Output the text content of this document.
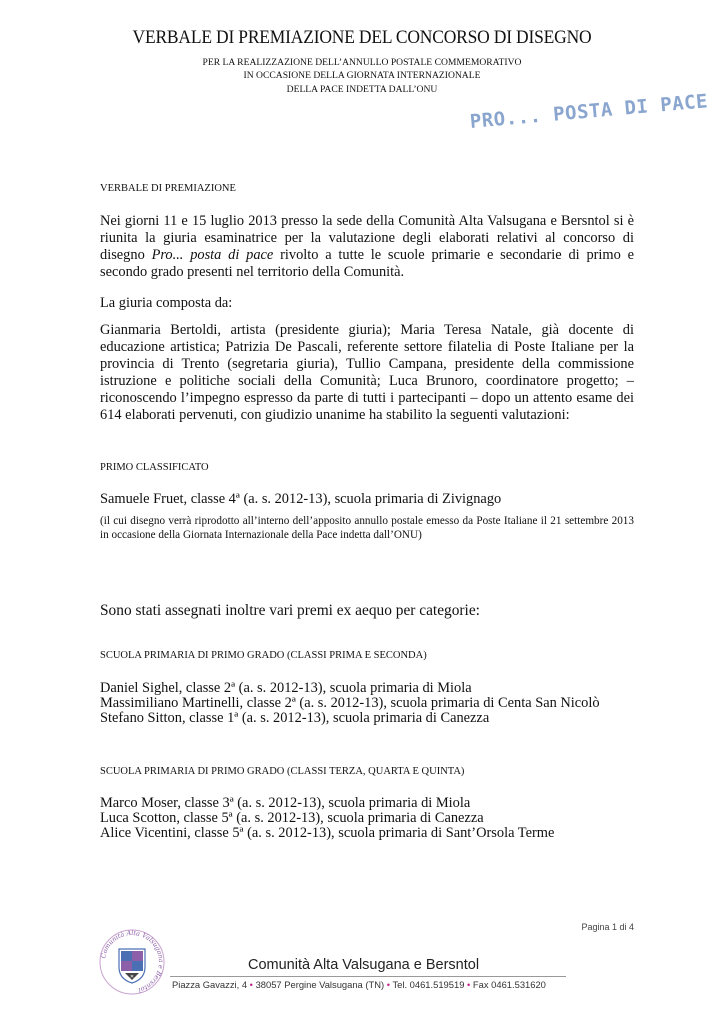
VERBALE DI PREMIAZIONE DEL CONCORSO DI DISEGNO
PER LA REALIZZAZIONE DELL’ANNULLO POSTALE COMMEMORATIVO
IN OCCASIONE DELLA GIORNATA INTERNAZIONALE
DELLA PACE INDETTA DALL’ONU
PRO... POSTA DI PACE
VERBALE DI PREMIAZIONE
Nei giorni 11 e 15 luglio 2013 presso la sede della Comunità Alta Valsugana e Bersntol si è riunita la giuria esaminatrice per la valutazione degli elaborati relativi al concorso di disegno Pro... posta di pace rivolto a tutte le scuole primarie e secondarie di primo e secondo grado presenti nel territorio della Comunità.
La giuria composta da:
Gianmaria Bertoldi, artista (presidente giuria); Maria Teresa Natale, già docente di educazione artistica; Patrizia De Pascali, referente settore filatelia di Poste Italiane per la provincia di Trento (segretaria giuria), Tullio Campana, presidente della commissione istruzione e politiche sociali della Comunità; Luca Brunoro, coordinatore progetto; – riconoscendo l’impegno espresso da parte di tutti i partecipanti – dopo un attento esame dei 614 elaborati pervenuti, con giudizio unanime ha stabilito la seguenti valutazioni:
PRIMO CLASSIFICATO
Samuele Fruet, classe 4ª (a. s. 2012-13), scuola primaria di Zivignago
(il cui disegno verrà riprodotto all’interno dell’apposito annullo postale emesso da Poste Italiane il 21 settembre 2013 in occasione della Giornata Internazionale della Pace indetta dall’ONU)
Sono stati assegnati inoltre vari premi ex aequo per categorie:
SCUOLA PRIMARIA DI PRIMO GRADO (CLASSI PRIMA E SECONDA)
Daniel Sighel, classe 2ª (a. s. 2012-13), scuola primaria di Miola
Massimiliano Martinelli, classe 2ª (a. s. 2012-13), scuola primaria di Centa San Nicolò
Stefano Sitton, classe 1ª (a. s. 2012-13), scuola primaria di Canezza
SCUOLA PRIMARIA DI PRIMO GRADO (CLASSI TERZA, QUARTA E QUINTA)
Marco Moser, classe 3ª (a. s. 2012-13), scuola primaria di Miola
Luca Scotton, classe 5ª (a. s. 2012-13), scuola primaria di Canezza
Alice Vicentini, classe 5ª (a. s. 2012-13), scuola primaria di Sant’Orsola Terme
Pagina 1 di 4
Comunità Alta Valsugana e Bersntol
✕
Comunità Alta Valsugana e Bersntol
Piazza Gavazzi, 4 • 38057 Pergine Valsugana (TN) • Tel. 0461.519519 • Fax 0461.531620
